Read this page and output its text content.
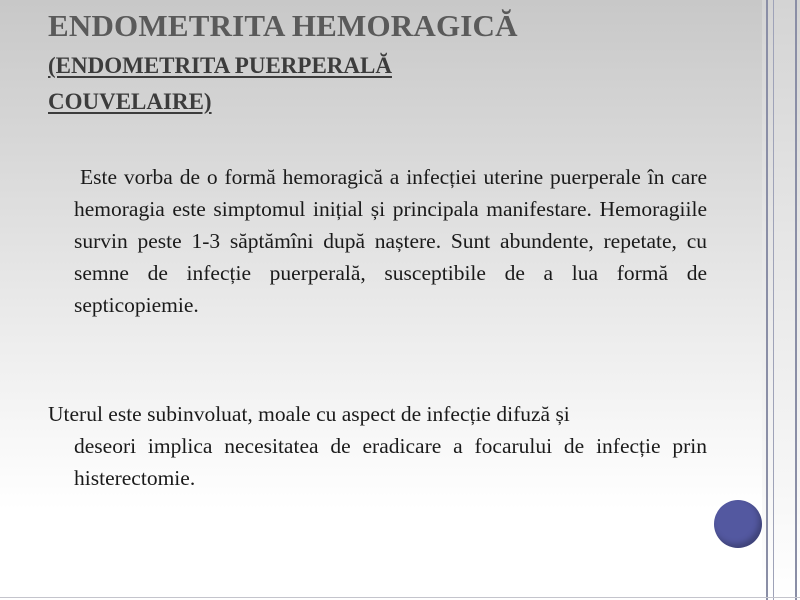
ENDOMETRITA HEMORAGICĂ
(ENDOMETRITA PUERPERALĂ
COUVELAIRE)
Este vorba de o formă hemoragică a infecției uterine puerperale în care hemoragia este simptomul inițial și principala manifestare. Hemoragiile survin peste 1-3 săptămîni după naștere. Sunt abundente, repetate, cu semne de infecție puerperală, susceptibile de a lua formă de septicopiemie.
Uterul este subinvoluat, moale cu aspect de infecție difuză și
deseori implica necesitatea de eradicare a focarului de infecție prin histerectomie.
